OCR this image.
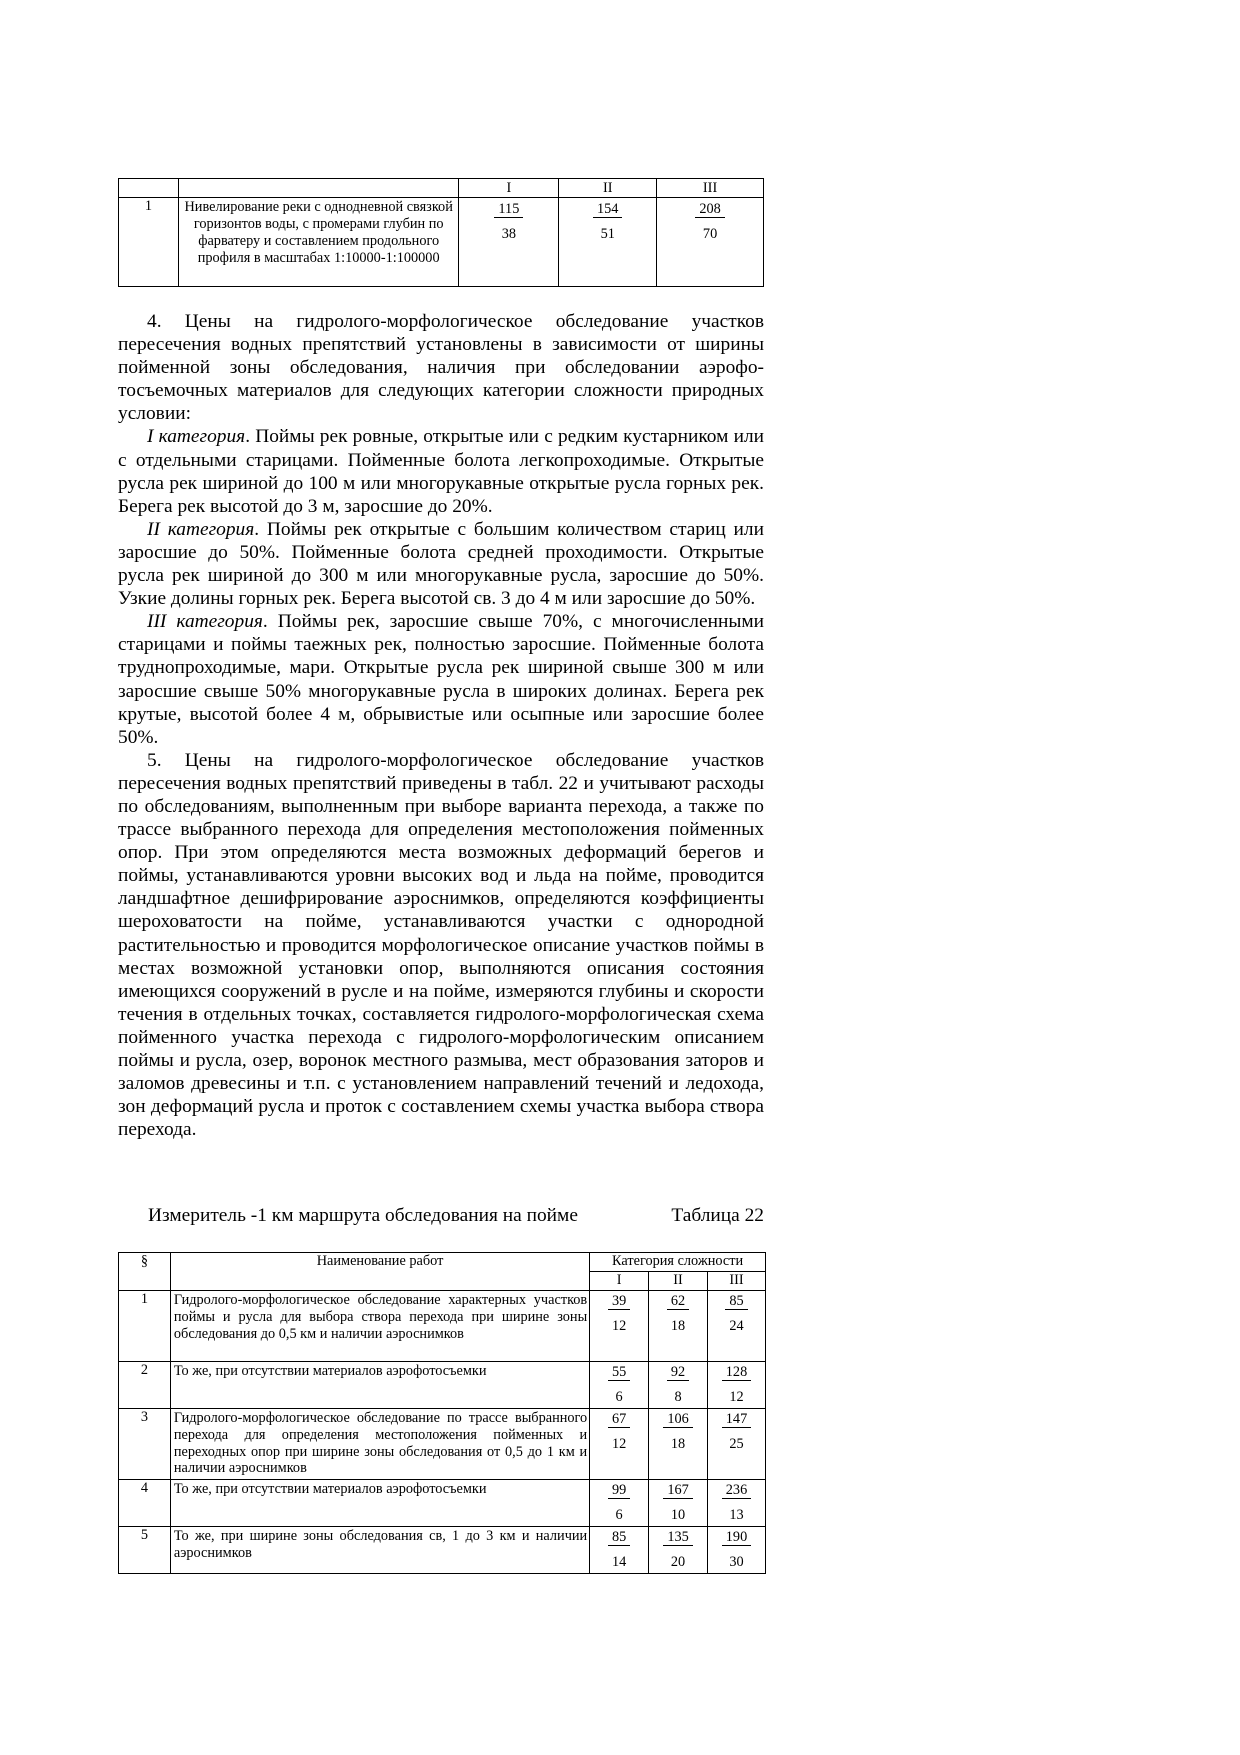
		I	II	III
1	Нивелирование реки с однодневной связкой горизонтов воды, с промерами глубин по фарватеру и составлением продольного профиля в масштабах 1:10000-1:100000	$\frac{115}{38}$	$\frac{154}{51}$	$\frac{208}{70}$

4. Цены на гидролого-морфологическое обследование участков пересечения водных препятствий установлены в зависимости от ширины пойменной зоны обследования, наличия при обследовании аэрофо-тосъемочных материалов для следующих категории сложности природных условии:

I категория. Поймы рек ровные, открытые или с редким кустарником или с отдельными старицами. Пойменные болота легкопроходимые. Открытые русла рек шириной до 100 м или многорукавные открытые русла горных рек. Берега рек высотой до 3 м, заросшие до 20%.

II категория. Поймы рек открытые с большим количеством стариц или заросшие до 50%. Пойменные болота средней проходимости. Открытые русла рек шириной до 300 м или многорукавные русла, заросшие до 50%. Узкие долины горных рек. Берега высотой св. 3 до 4 м или заросшие до 50%.

III категория. Поймы рек, заросшие свыше 70%, с многочисленными старицами и поймы таежных рек, полностью заросшие. Пойменные болота труднопроходимые, мари. Открытые русла рек шириной свыше 300 м или заросшие свыше 50% многорукавные русла в широких долинах. Берега рек крутые, высотой более 4 м, обрывистые или осыпные или заросшие более 50%.

5. Цены на гидролого-морфологическое обследование участков пересечения водных препятствий приведены в табл. 22 и учитывают расходы по обследованиям, выполненным при выборе варианта перехода, а также по трассе выбранного перехода для определения местоположения пойменных опор. При этом определяются места возможных деформаций берегов и поймы, устанавливаются уровни высоких вод и льда на пойме, проводится ландшафтное дешифрирование аэроснимков, определяются коэффициенты шероховатости на пойме, устанавливаются участки с однородной растительностью и проводится морфологическое описание участков поймы в местах возможной установки опор, выполняются описания состояния имеющихся сооружений в русле и на пойме, измеряются глубины и скорости течения в отдельных точках, составляется гидролого-морфологическая схема пойменного участка перехода с гидролого-морфологическим описанием поймы и русла, озер, воронок местного размыва, мест образования заторов и заломов древесины и т.п. с установлением направлений течений и ледохода, зон деформаций русла и проток с составлением схемы участка выбора створа перехода.

Измеритель -1 км маршрута обследования на пойме	Таблица 22
§	Наименование работ	Категория сложности		
		I	II	III
1	Гидролого-морфологическое обследование характерных участков поймы и русла для выбора створа перехода при ширине зоны обследования до 0,5 км и наличии аэроснимков	$\frac{39}{12}$	$\frac{62}{18}$	$\frac{85}{24}$

2	То же, при отсутствии материалов аэрофотосъемки	$\frac{55}{6}$	$\frac{92}{8}$	$\frac{128}{12}$

3	Гидролого-морфологическое обследование по трассе выбранного перехода для определения местоположения пойменных и переходных опор при ширине зоны обследования от 0,5 до 1 км и наличии аэроснимков	$\frac{67}{12}$	$\frac{106}{18}$	$\frac{147}{25}$

4	То же, при отсутствии материалов аэрофотосъемки	$\frac{99}{6}$	$\frac{167}{10}$	$\frac{236}{13}$

5	То же, при ширине зоны обследования св, 1 до 3 км и наличии аэроснимков	$\frac{85}{14}$	$\frac{135}{20}$	$\frac{190}{30}$
